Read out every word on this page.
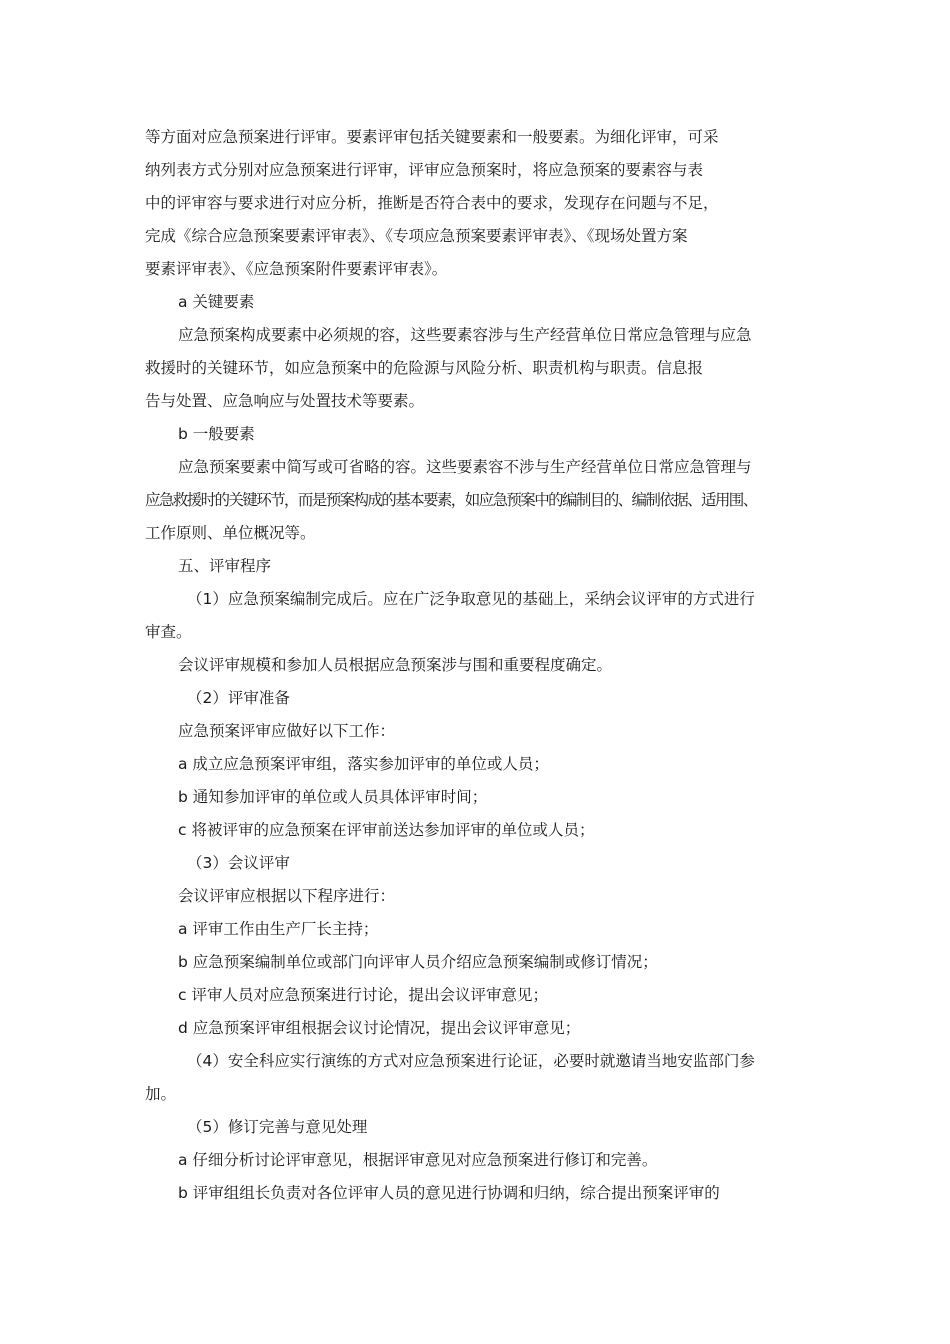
等方面对应急预案进行评审。要素评审包括关键要素和一般要素。为细化评审，可采
纳列表方式分别对应急预案进行评审，评审应急预案时，将应急预案的要素容与表
中的评审容与要求进行对应分析，推断是否符合表中的要求，发现存在问题与不足，
完成《综合应急预案要素评审表》、《专项应急预案要素评审表》、《现场处置方案
要素评审表》、《应急预案附件要素评审表》。
a 关键要素
应急预案构成要素中必须规的容，这些要素容涉与生产经营单位日常应急管理与应急
救援时的关键环节，如应急预案中的危险源与风险分析、职责机构与职责。信息报
告与处置、应急响应与处置技术等要素。
b 一般要素
应急预案要素中简写或可省略的容。这些要素容不涉与生产经营单位日常应急管理与
应急救援时的关键环节，而是预案构成的基本要素，如应急预案中的编制目的、编制依据、适用围、
工作原则、单位概况等。
五、评审程序
（1）应急预案编制完成后。应在广泛争取意见的基础上，采纳会议评审的方式进行
审查。
会议评审规模和参加人员根据应急预案涉与围和重要程度确定。
（2）评审准备
应急预案评审应做好以下工作：
a 成立应急预案评审组，落实参加评审的单位或人员；
b 通知参加评审的单位或人员具体评审时间；
c 将被评审的应急预案在评审前送达参加评审的单位或人员；
（3）会议评审
会议评审应根据以下程序进行：
a 评审工作由生产厂长主持；
b 应急预案编制单位或部门向评审人员介绍应急预案编制或修订情况；
c 评审人员对应急预案进行讨论，提出会议评审意见；
d 应急预案评审组根据会议讨论情况，提出会议评审意见；
（4）安全科应实行演练的方式对应急预案进行论证，必要时就邀请当地安监部门参
加。
（5）修订完善与意见处理
a 仔细分析讨论评审意见，根据评审意见对应急预案进行修订和完善。
b 评审组组长负责对各位评审人员的意见进行协调和归纳，综合提出预案评审的
